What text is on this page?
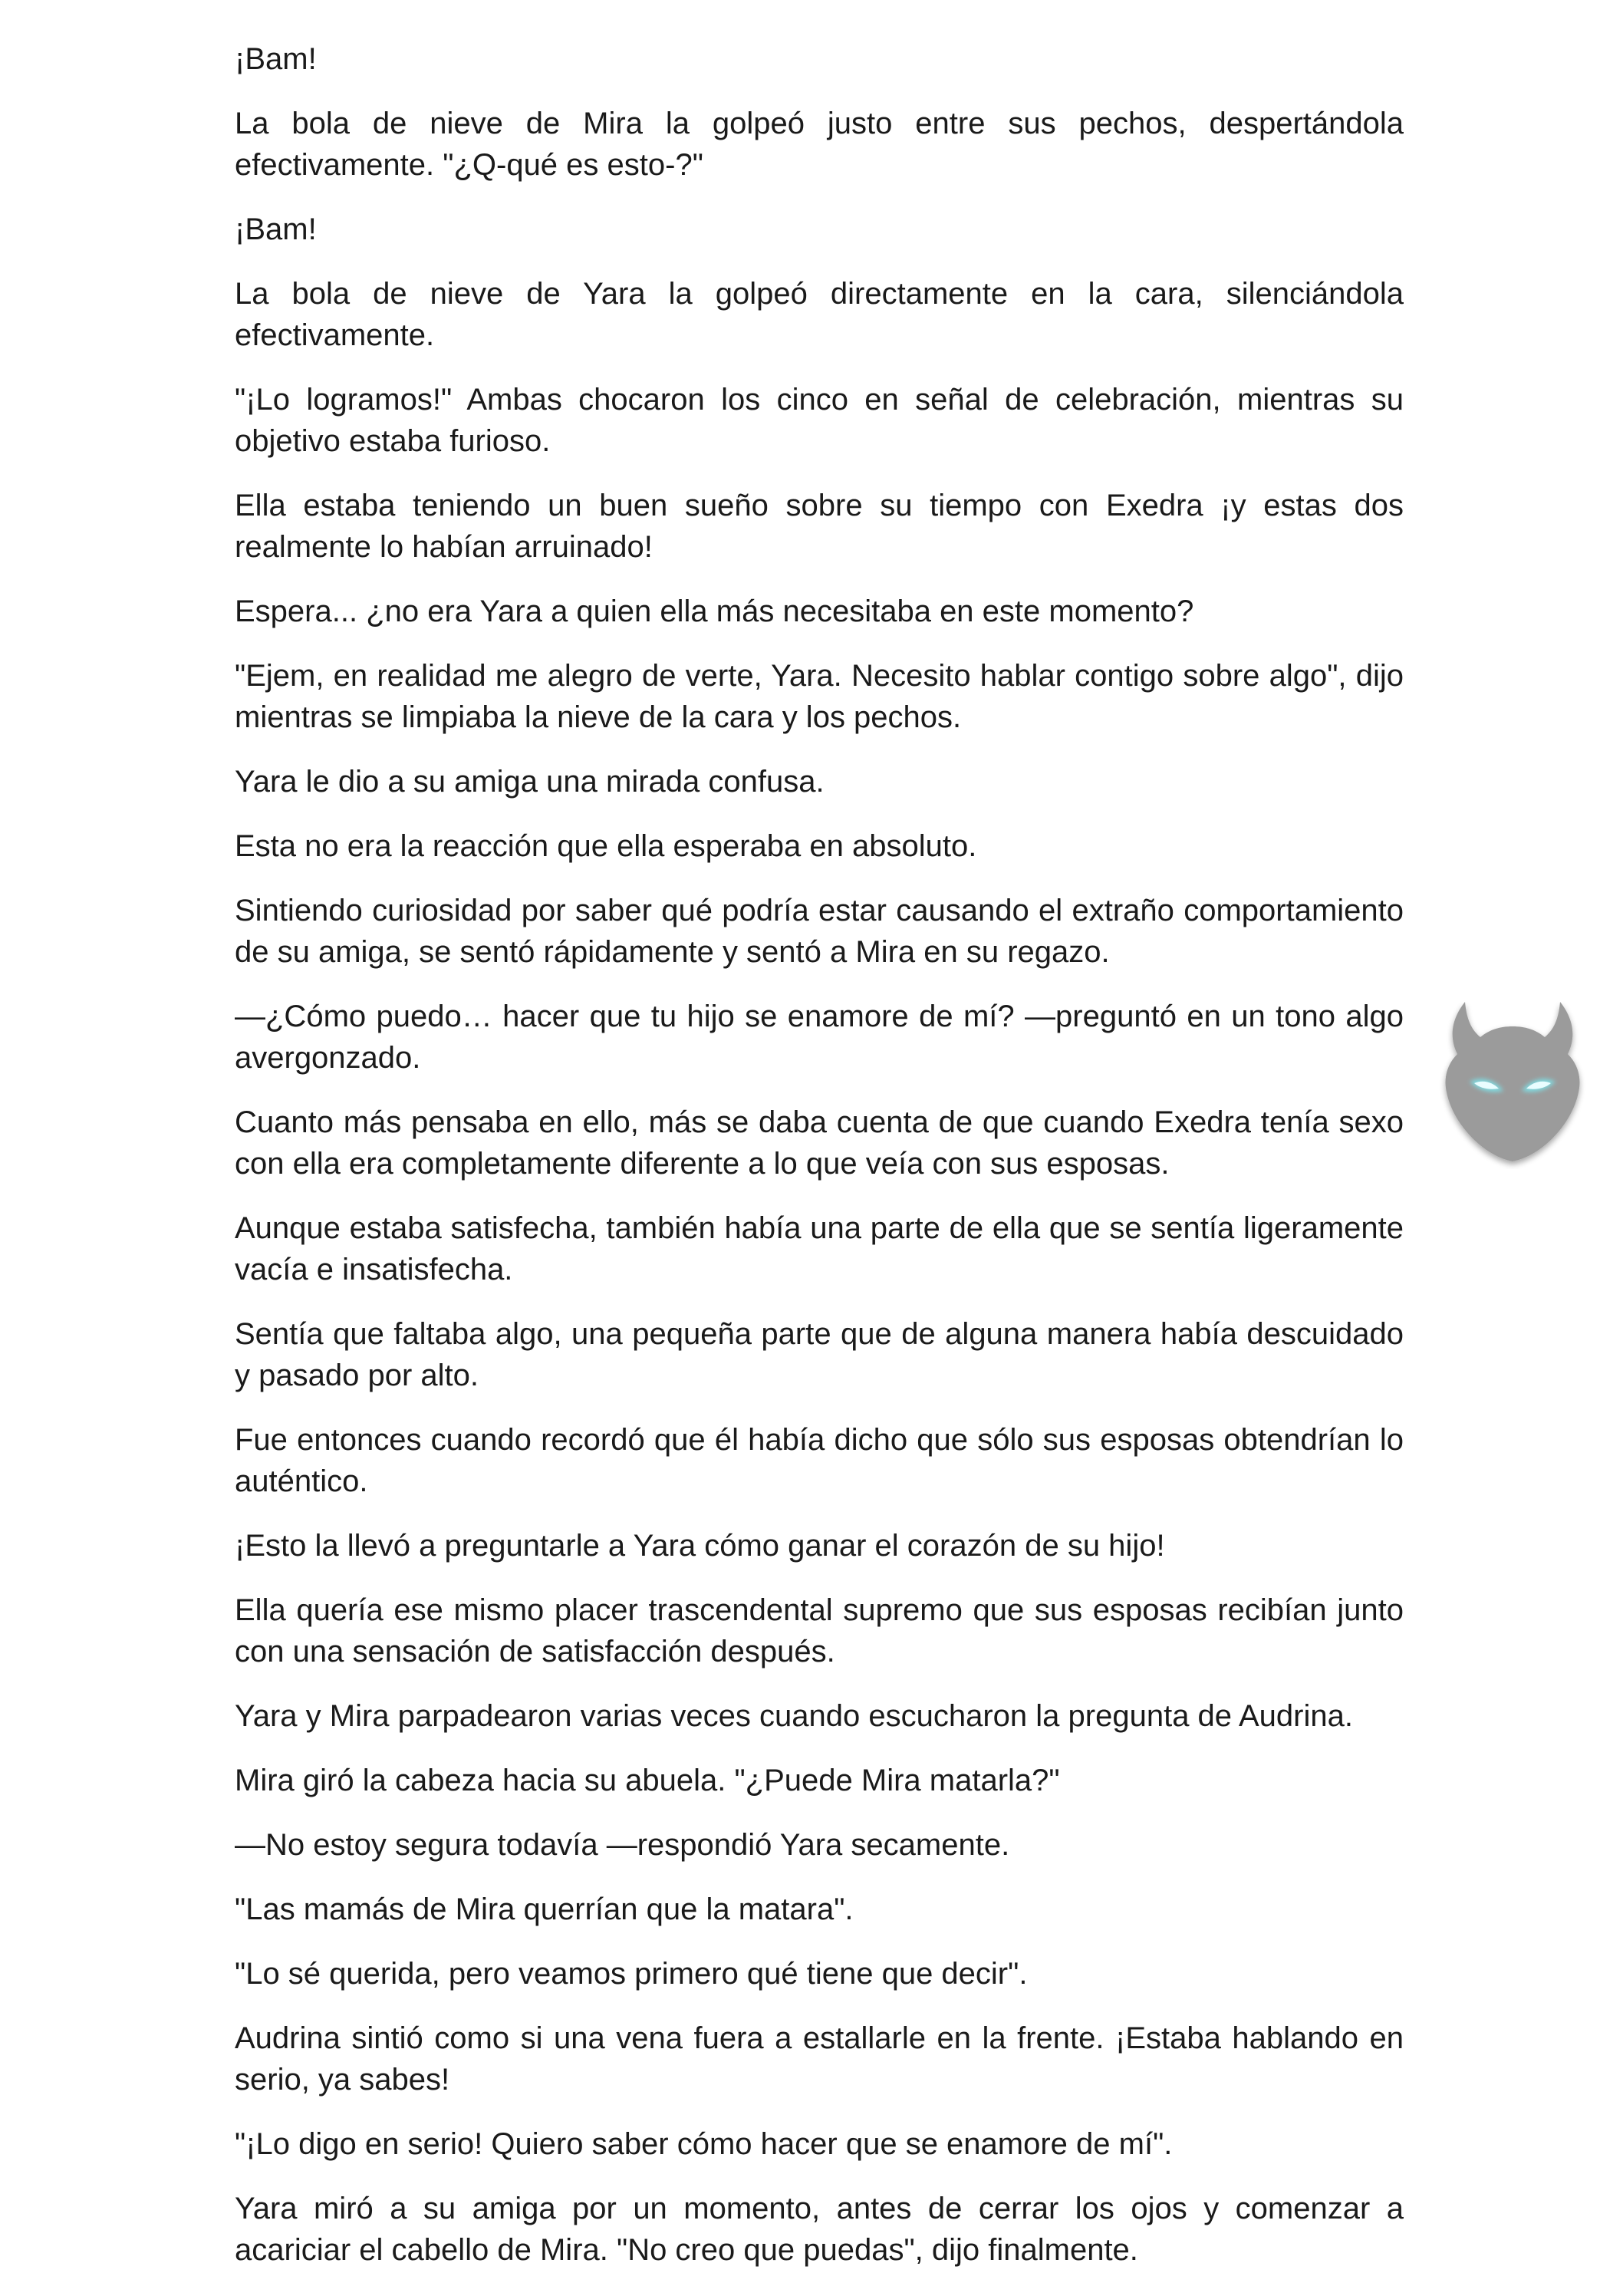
¡Bam!

La bola de nieve de Mira la golpeó justo entre sus pechos, despertándola efectivamente. "¿Q-qué es esto-?"

¡Bam!

La bola de nieve de Yara la golpeó directamente en la cara, silenciándola efectivamente.

"¡Lo logramos!" Ambas chocaron los cinco en señal de celebración, mientras su objetivo estaba furioso.

Ella estaba teniendo un buen sueño sobre su tiempo con Exedra ¡y estas dos realmente lo habían arruinado!

Espera... ¿no era Yara a quien ella más necesitaba en este momento?

"Ejem, en realidad me alegro de verte, Yara. Necesito hablar contigo sobre algo", dijo mientras se limpiaba la nieve de la cara y los pechos.

Yara le dio a su amiga una mirada confusa.

Esta no era la reacción que ella esperaba en absoluto.

Sintiendo curiosidad por saber qué podría estar causando el extraño comportamiento de su amiga, se sentó rápidamente y sentó a Mira en su regazo.

—¿Cómo puedo… hacer que tu hijo se enamore de mí? —preguntó en un tono algo avergonzado.

Cuanto más pensaba en ello, más se daba cuenta de que cuando Exedra tenía sexo con ella era completamente diferente a lo que veía con sus esposas.

Aunque estaba satisfecha, también había una parte de ella que se sentía ligeramente vacía e insatisfecha.

Sentía que faltaba algo, una pequeña parte que de alguna manera había descuidado y pasado por alto.

Fue entonces cuando recordó que él había dicho que sólo sus esposas obtendrían lo auténtico.

¡Esto la llevó a preguntarle a Yara cómo ganar el corazón de su hijo!

Ella quería ese mismo placer trascendental supremo que sus esposas recibían junto con una sensación de satisfacción después.

Yara y Mira parpadearon varias veces cuando escucharon la pregunta de Audrina.

Mira giró la cabeza hacia su abuela. "¿Puede Mira matarla?"

—No estoy segura todavía —respondió Yara secamente.

"Las mamás de Mira querrían que la matara".

"Lo sé querida, pero veamos primero qué tiene que decir".

Audrina sintió como si una vena fuera a estallarle en la frente. ¡Estaba hablando en serio, ya sabes!

"¡Lo digo en serio! Quiero saber cómo hacer que se enamore de mí".

Yara miró a su amiga por un momento, antes de cerrar los ojos y comenzar a acariciar el cabello de Mira. "No creo que puedas", dijo finalmente.
